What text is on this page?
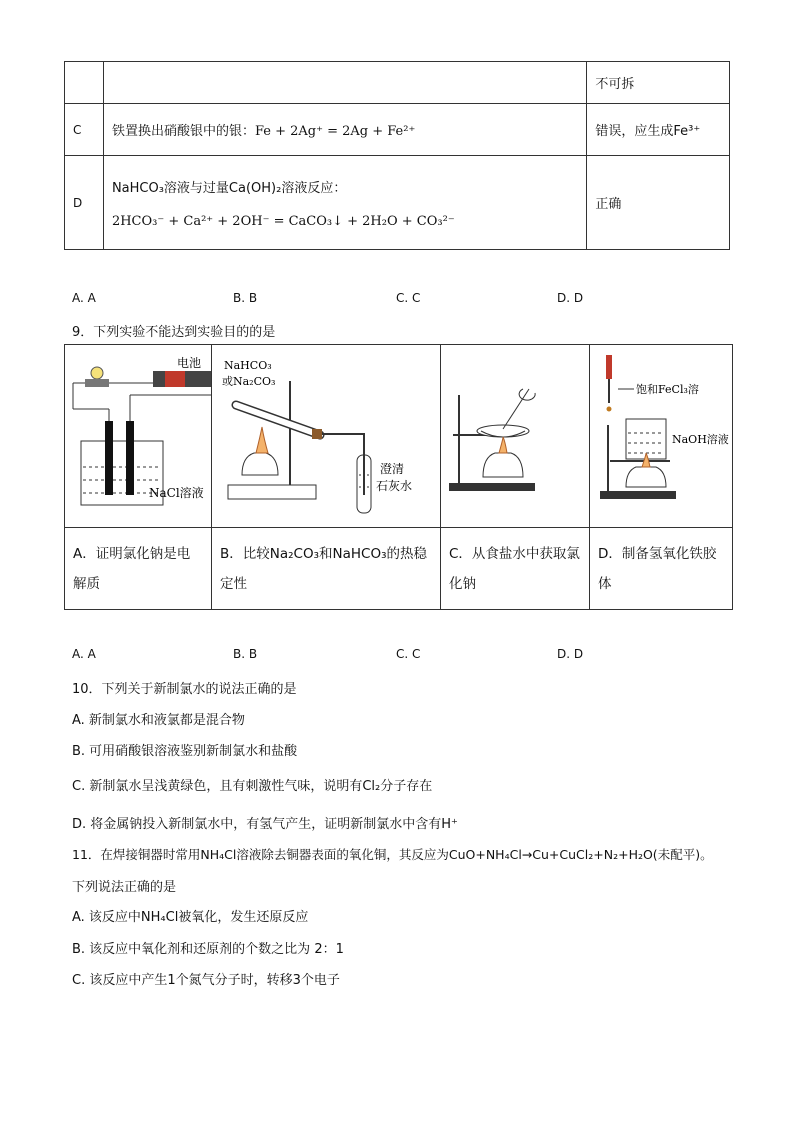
		不可拆
C	铁置换出硝酸银中的银：Fe + 2Ag⁺ = 2Ag + Fe²⁺	错误，应生成Fe³⁺
D	NaHCO₃溶液与过量Ca(OH)₂溶液反应：
2HCO₃⁻ + Ca²⁺ + 2OH⁻ = CaCO₃↓ + 2H₂O + CO₃²⁻	正确
A. A	B. B	C. C	D. D
9．下列实验不能达到实验目的的是
电池
NaCl溶液	NaHCO₃
或Na₂CO₃
澄清
石灰水		饱和FeCl₃溶
NaOH溶液

A．证明氯化钠是电解质	B．比较Na₂CO₃和NaHCO₃的热稳定性	C．从食盐水中获取氯化钠	D．制备氢氧化铁胶体
A. A	B. B	C. C	D. D
10．下列关于新制氯水的说法正确的是
A. 新制氯水和液氯都是混合物
B. 可用硝酸银溶液鉴别新制氯水和盐酸
C. 新制氯水呈浅黄绿色，且有刺激性气味，说明有Cl₂分子存在
D. 将金属钠投入新制氯水中，有氢气产生，证明新制氯水中含有H⁺
11．在焊接铜器时常用NH₄Cl溶液除去铜器表面的氧化铜，其反应为CuO+NH₄Cl→Cu+CuCl₂+N₂+H₂O(未配平)。
下列说法正确的是
A. 该反应中NH₄Cl被氧化，发生还原反应
B. 该反应中氧化剂和还原剂的个数之比为 2：1
C. 该反应中产生1个氮气分子时，转移3个电子
